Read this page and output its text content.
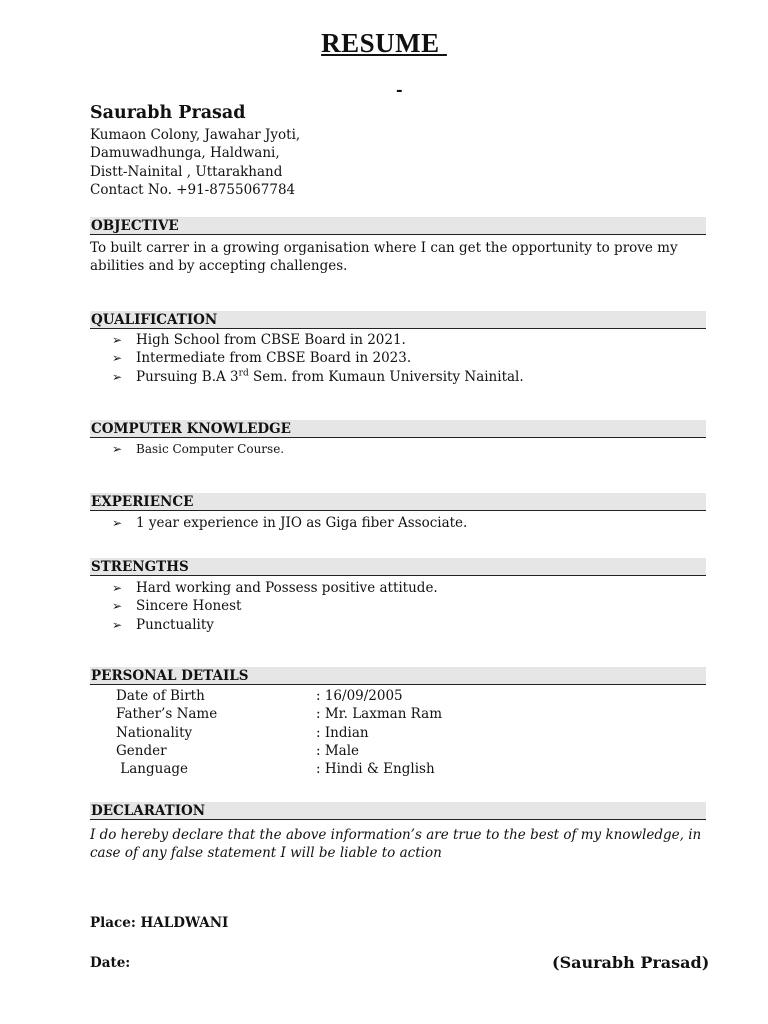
RESUME
-
Saurabh Prasad
Kumaon Colony, Jawahar Jyoti,
Damuwadhunga, Haldwani,
Distt-Nainital , Uttarakhand
Contact No. +91-8755067784
OBJECTIVE
To built carrer in a growing organisation where I can get the opportunity to prove my abilities and by accepting challenges.
QUALIFICATION
➢ High School from CBSE Board in 2021.
➢ Intermediate from CBSE Board in 2023.
➢ Pursuing B.A 3rd Sem. from Kumaun University Nainital.
COMPUTER KNOWLEDGE
➢ Basic Computer Course.
EXPERIENCE
➢ 1 year experience in JIO as Giga fiber Associate.
STRENGTHS
➢ Hard working and Possess positive attitude.
➢ Sincere Honest
➢ Punctuality
PERSONAL DETAILS
Date of Birth	: 16/09/2005
Father’s Name	: Mr. Laxman Ram
Nationality	: Indian
Gender	: Male
Language	: Hindi & English
DECLARATION
I do hereby declare that the above information’s are true to the best of my knowledge, in case of any false statement I will be liable to action
Place: HALDWANI
Date:	(Saurabh Prasad)
